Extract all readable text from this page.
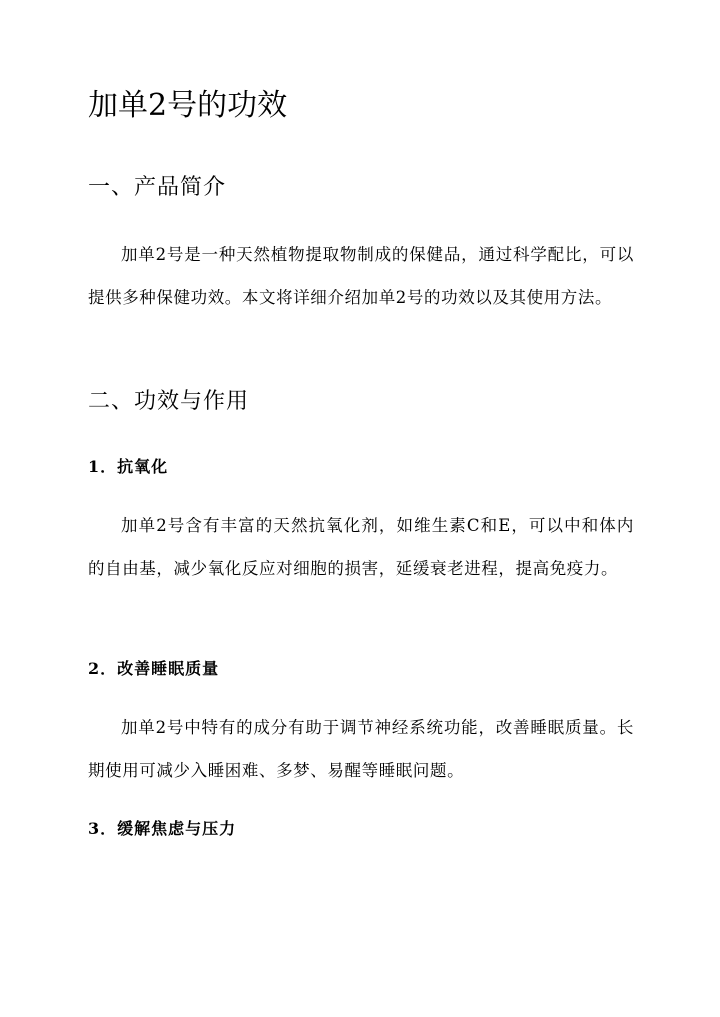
加单2号的功效
一、产品简介

加单2号是一种天然植物提取物制成的保健品，通过科学配比，可以提供多种保健功效。本文将详细介绍加单2号的功效以及其使用方法。

二、功效与作用
1．抗氧化

加单2号含有丰富的天然抗氧化剂，如维生素C和E，可以中和体内的自由基，减少氧化反应对细胞的损害，延缓衰老进程，提高免疫力。

2．改善睡眠质量

加单2号中特有的成分有助于调节神经系统功能，改善睡眠质量。长期使用可减少入睡困难、多梦、易醒等睡眠问题。

3．缓解焦虑与压力
